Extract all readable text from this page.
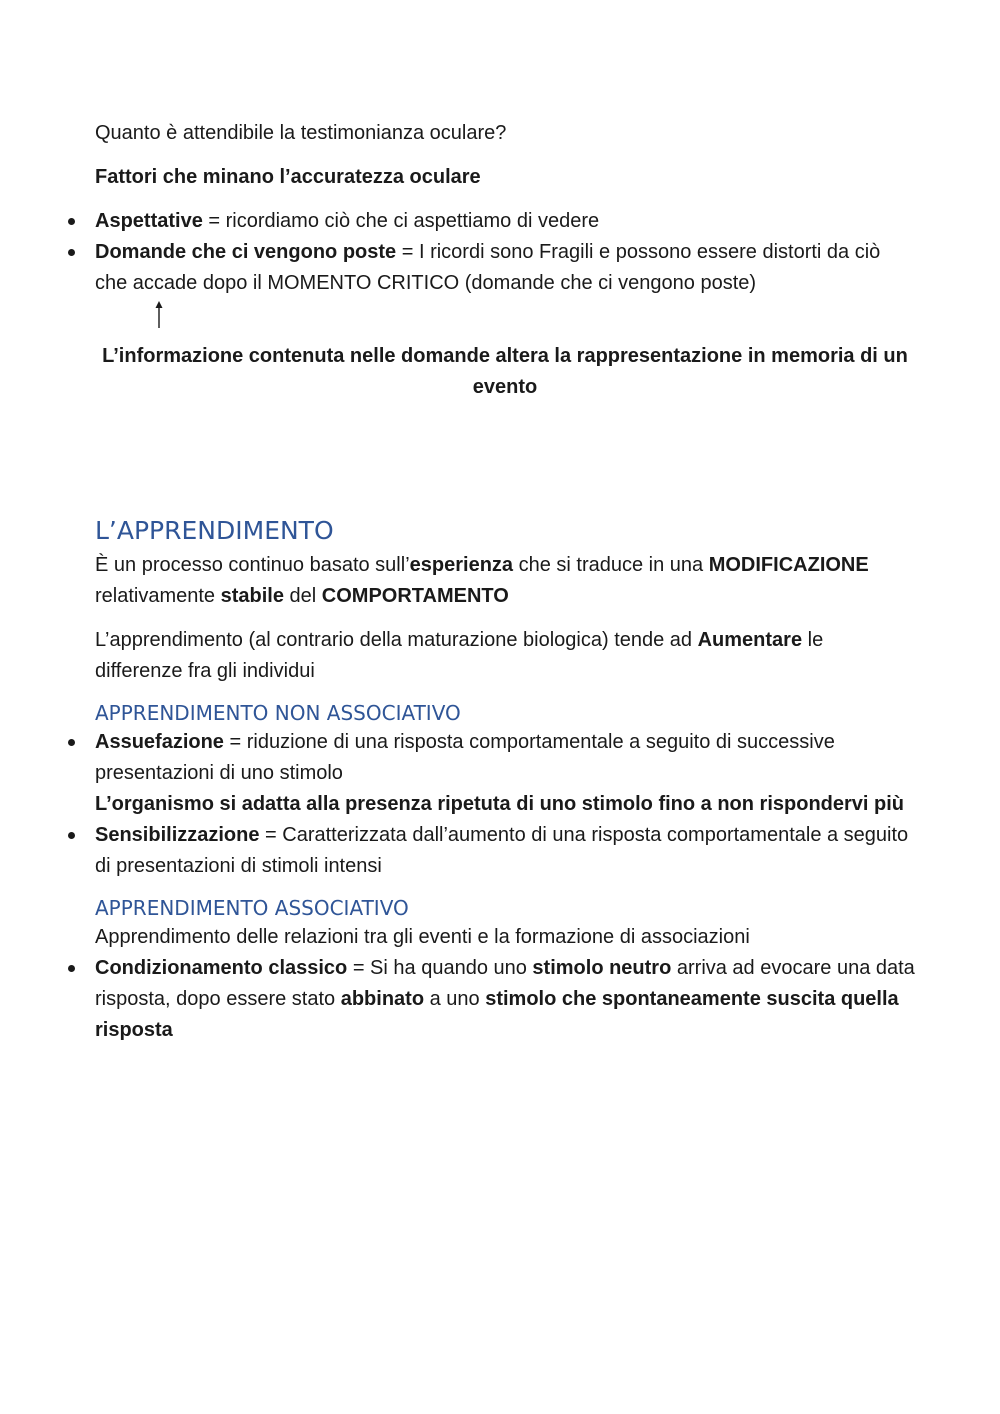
Quanto è attendibile la testimonianza oculare?

Fattori che minano l’accuratezza oculare

Aspettative = ricordiamo ciò che ci aspettiamo di vedere
Domande che ci vengono poste = I ricordi sono Fragili e possono essere distorti da ciò che accade dopo il MOMENTO CRITICO (domande che ci vengono poste)

L’informazione contenuta nelle domande altera la rappresentazione in memoria di un evento

L’APPRENDIMENTO

È un processo continuo basato sull’esperienza che si traduce in una MODIFICAZIONE relativamente stabile del COMPORTAMENTO

L’apprendimento (al contrario della maturazione biologica) tende ad Aumentare le differenze fra gli individui

APPRENDIMENTO NON ASSOCIATIVO
Assuefazione = riduzione di una risposta comportamentale a seguito di successive presentazioni di uno stimolo
L’organismo si adatta alla presenza ripetuta di uno stimolo fino a non rispondervi più
Sensibilizzazione = Caratterizzata dall’aumento di una risposta comportamentale a seguito di presentazioni di stimoli intensi
APPRENDIMENTO ASSOCIATIVO

Apprendimento delle relazioni tra gli eventi e la formazione di associazioni

Condizionamento classico = Si ha quando uno stimolo neutro arriva ad evocare una data risposta, dopo essere stato abbinato a uno stimolo che spontaneamente suscita quella risposta
